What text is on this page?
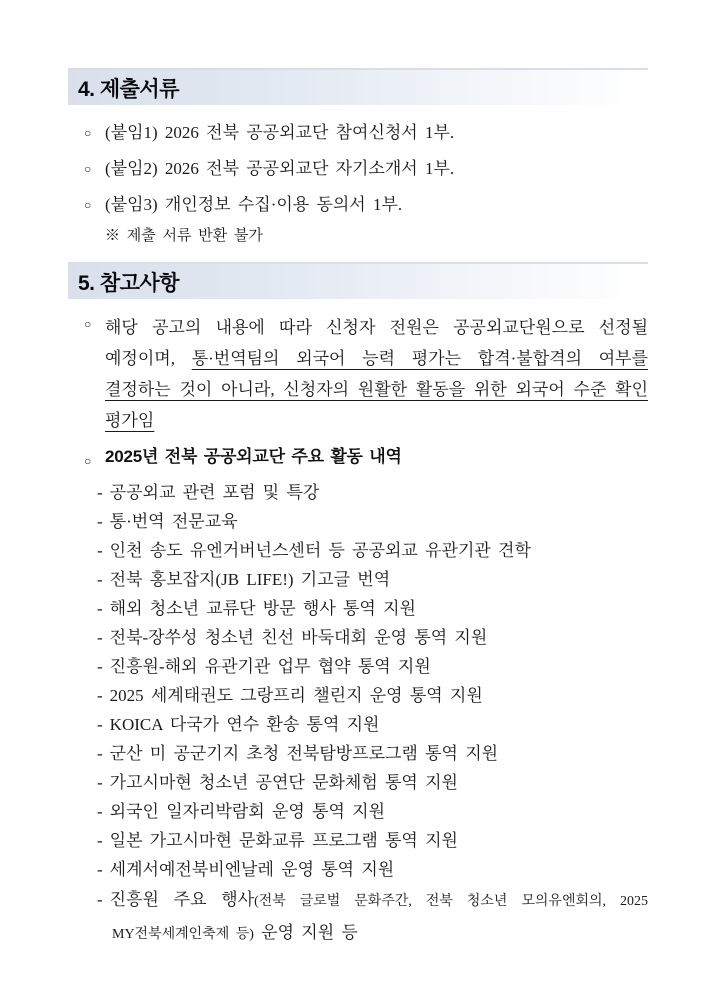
4. 제출서류
○ (붙임1) 2026 전북 공공외교단 참여신청서 1부.
○ (붙임2) 2026 전북 공공외교단 자기소개서 1부.
○ (붙임3) 개인정보 수집·이용 동의서 1부.
※ 제출 서류 반환 불가
5. 참고사항
○ 해당 공고의 내용에 따라 신청자 전원은 공공외교단원으로 선정될 예정이며, 통·번역팀의 외국어 능력 평가는 합격·불합격의 여부를 결정하는 것이 아니라, 신청자의 원활한 활동을 위한 외국어 수준 확인 평가임
○ 2025년 전북 공공외교단 주요 활동 내역
- 공공외교 관련 포럼 및 특강
- 통·번역 전문교육
- 인천 송도 유엔거버넌스센터 등 공공외교 유관기관 견학
- 전북 홍보잡지(JB LIFE!) 기고글 번역
- 해외 청소년 교류단 방문 행사 통역 지원
- 전북-장쑤성 청소년 친선 바둑대회 운영 통역 지원
- 진흥원-해외 유관기관 업무 협약 통역 지원
- 2025 세계태권도 그랑프리 챌린지 운영 통역 지원
- KOICA 다국가 연수 환송 통역 지원
- 군산 미 공군기지 초청 전북탐방프로그램 통역 지원
- 가고시마현 청소년 공연단 문화체험 통역 지원
- 외국인 일자리박람회 운영 통역 지원
- 일본 가고시마현 문화교류 프로그램 통역 지원
- 세계서예전북비엔날레 운영 통역 지원
- 진흥원 주요 행사(전북 글로벌 문화주간, 전북 청소년 모의유엔회의, 2025 MY전북세계인축제 등) 운영 지원 등
